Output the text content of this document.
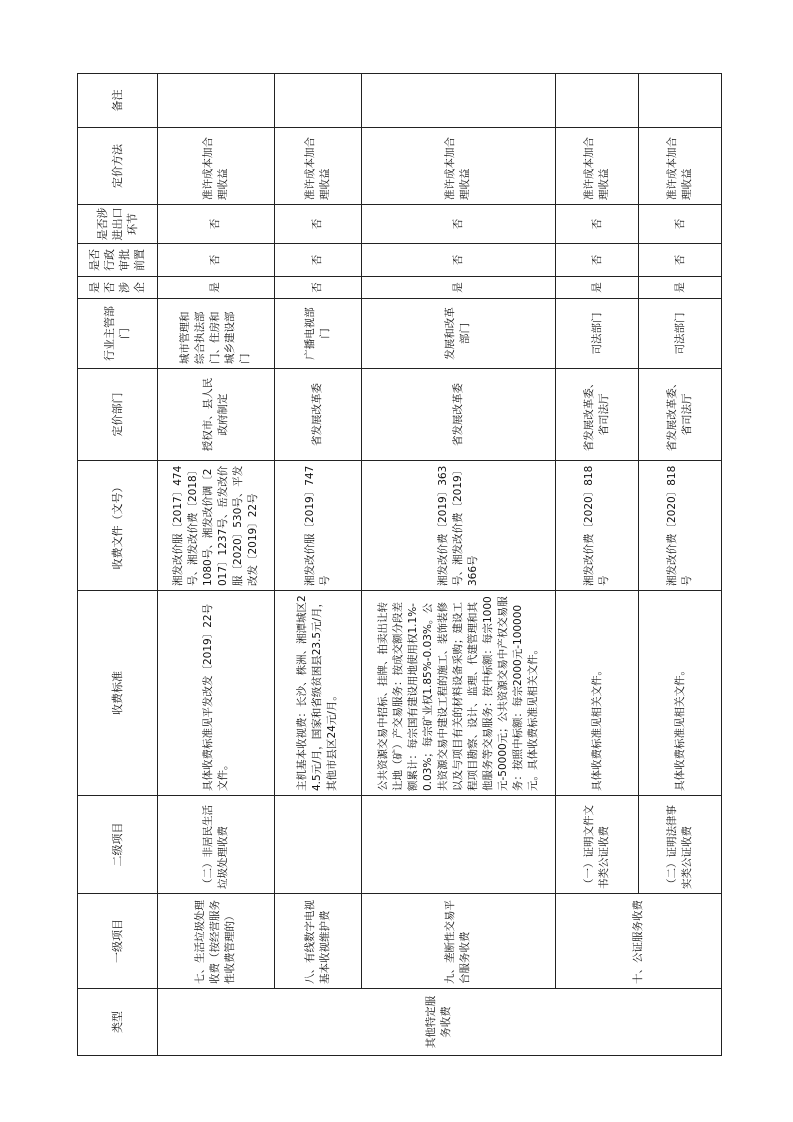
类型	一级项目	二级项目	收费标准	收费文件（文号）	定价部门	行业主管部门	是否涉企	是否行政审批前置	是否涉进出口环节	定价方法	备注
其他特定服务收费	七、生活垃圾处理收费（按经营服务性收费管理的）	（二）非居民生活垃圾处理收费	具体收费标准见平发改发〔2019〕22号文件。	湘发改价服〔2017〕474号、湘发改价费〔2018〕1080号、湘发改价调〔2017〕1237号、岳发改价服〔2020〕530号、平发改发〔2019〕22号	授权市、县人民政府制定	城市管理和综合执法部门、住房和城乡建设部门	是	否	否	准许成本加合理收益	
	八、有线数字电视基本收视维护费		主机基本收视费：长沙、株洲、湘潭城区24.5元/月，国家和省级贫困县23.5元/月，其他市县区24元/月。	湘发改价服〔2019〕747号	省发展改革委	广播电视部门	否	否	否	准许成本加合理收益	
	九、垄断性交易平台服务收费		公共资源交易中招标、挂牌、拍卖出让转让地（矿）产交易服务：按成交额分段差额累计：每宗国有建设用地使用权1.1%-0.03%；每宗矿业权1.85%-0.03%。公共资源交易中建设工程的施工、装饰装修以及与项目有关的材料设备采购；建设工程项目勘察、设计、监理、代建管理和其他服务等交易服务：按中标额：每宗1000元-50000元；公共资源交易中产权交易服务：按照中标额：每宗2000元-100000元。具体收费标准见相关文件。	湘发改价费〔2019〕363号、湘发改价费〔2019〕366号	省发展改革委	发展和改革部门	是	否	否	准许成本加合理收益	
	十、公证服务收费	（一）证明文件文书类公证收费	具体收费标准见相关文件。	湘发改价费〔2020〕818号	省发展改革委、省司法厅	司法部门	是	否	否	准许成本加合理收益	
		（二）证明法律事实类公证收费	具体收费标准见相关文件。	湘发改价费〔2020〕818号	省发展改革委、省司法厅	司法部门	是	否	否	准许成本加合理收益	
